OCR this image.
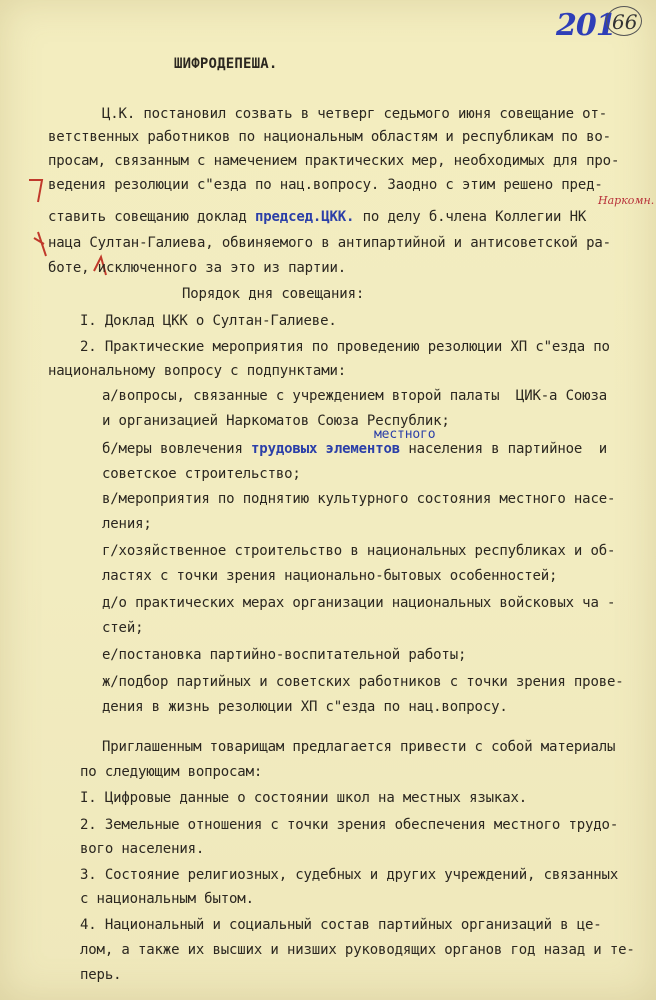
201
66
ШИФРОДЕПЕША.
Ц.К. постановил созвать в четверг седьмого июня совещание от-
ветственных работников по национальным областям и республикам по во-
просам, связанным с намечением практических мер, необходимых для про-
ведения резолюции с"езда по нац.вопросу. Заодно с этим решено пред-
ставить совещанию доклад председ.ЦКК. по делу б.члена Коллегии НК
Наркомн.
наца Султан-Галиева, обвиняемого в антипартийной и антисоветской ра-
боте, исключенного за это из партии.
Порядок дня совещания:
I. Доклад ЦКК о Султан-Галиеве.
2. Практические мероприятия по проведению резолюции ХП с"езда по
национальному вопросу с подпунктами:
а/вопросы, связанные с учреждением второй палаты  ЦИК-а Союза
и организацией Наркоматов Союза Республик;
местного
б/меры вовлечения трудовых элементов населения в партийное  и
советское строительство;
в/мероприятия по поднятию культурного состояния местного насе-
ления;
г/хозяйственное строительство в национальных республиках и об-
ластях с точки зрения национально-бытовых особенностей;
д/о практических мерах организации национальных войсковых ча -
стей;
е/постановка партийно-воспитательной работы;
ж/подбор партийных и советских работников с точки зрения прове-
дения в жизнь резолюции ХП с"езда по нац.вопросу.
Приглашенным товарищам предлагается привести с собой материалы
по следующим вопросам:
I. Цифровые данные о состоянии школ на местных языках.
2. Земельные отношения с точки зрения обеспечения местного трудо-
вого населения.
3. Состояние религиозных, судебных и других учреждений, связанных
с национальным бытом.
4. Национальный и социальный состав партийных организаций в це-
лом, а также их высших и низших руководящих органов год назад и те-
перь.
